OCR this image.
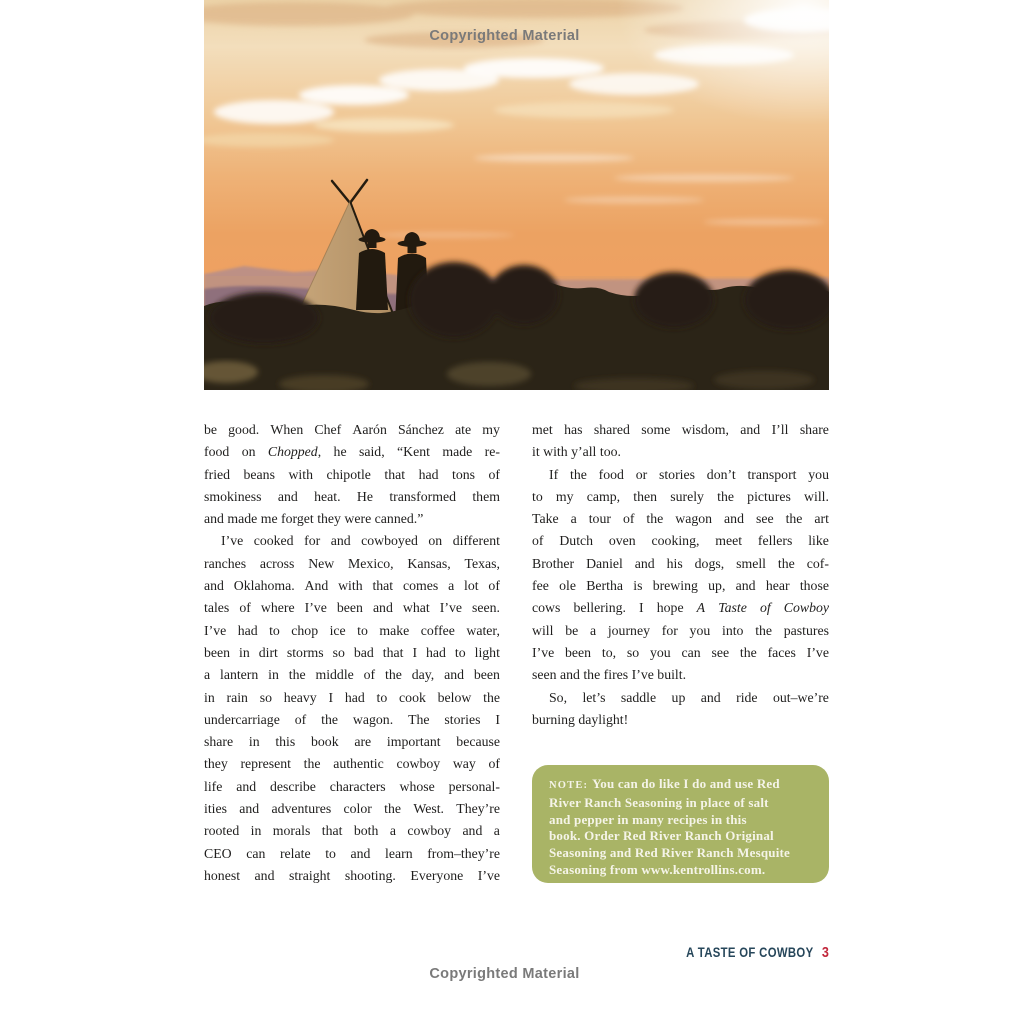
Copyrighted Material
be good. When Chef Aarón Sánchez ate my
food on Chopped, he said, “Kent made re-
fried beans with chipotle that had tons of
smokiness and heat. He transformed them
and made me forget they were canned.”
I’ve cooked for and cowboyed on different
ranches across New Mexico, Kansas, Texas,
and Oklahoma. And with that comes a lot of
tales of where I’ve been and what I’ve seen.
I’ve had to chop ice to make coffee water,
been in dirt storms so bad that I had to light
a lantern in the middle of the day, and been
in rain so heavy I had to cook below the
undercarriage of the wagon. The stories I
share in this book are important because
they represent the authentic cowboy way of
life and describe characters whose personal-
ities and adventures color the West. They’re
rooted in morals that both a cowboy and a
CEO can relate to and learn from–they’re
honest and straight shooting. Everyone I’ve
met has shared some wisdom, and I’ll share
it with y’all too.
If the food or stories don’t transport you
to my camp, then surely the pictures will.
Take a tour of the wagon and see the art
of Dutch oven cooking, meet fellers like
Brother Daniel and his dogs, smell the cof-
fee ole Bertha is brewing up, and hear those
cows bellering. I hope A Taste of Cowboy
will be a journey for you into the pastures
I’ve been to, so you can see the faces I’ve
seen and the fires I’ve built.
So, let’s saddle up and ride out–we’re
burning daylight!
NOTE: You can do like I do and use Red
River Ranch Seasoning in place of salt
and pepper in many recipes in this
book. Order Red River Ranch Original
Seasoning and Red River Ranch Mesquite
Seasoning from www.kentrollins.com.
A TASTE OF COWBOY 3
Copyrighted Material
